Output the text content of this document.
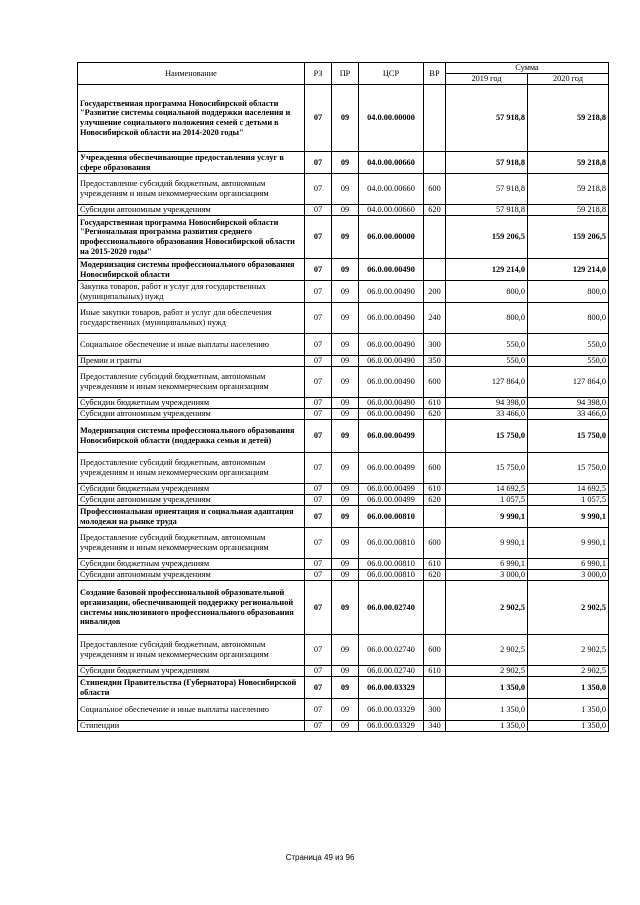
Наименование	РЗ	ПР	ЦСР	ВР	Сумма	
					2019 год	2020 год
Государственная программа Новосибирской области "Развитие системы социальной поддержки населения и улучшение социального положения семей с детьми в Новосибирской области на 2014-2020 годы"	07	09	04.0.00.00000		57 918,8	59 218,8
Учреждения обеспечивающие предоставления услуг в сфере образования	07	09	04.0.00.00660		57 918,8	59 218,8
Предоставление субсидий бюджетным, автономным учреждениям и иным некоммерческим организациям	07	09	04.0.00.00660	600	57 918,8	59 218,8
Субсидии автономным учреждениям	07	09	04.0.00.00660	620	57 918,8	59 218,8
Государственная программа Новосибирской области "Региональная программа развития среднего профессионального образования Новосибирской области на 2015-2020 годы"	07	09	06.0.00.00000		159 206,5	159 206,5
Модернизация системы профессионального образования Новосибирской области	07	09	06.0.00.00490		129 214,0	129 214,0
Закупка товаров, работ и услуг для государственных (муниципальных) нужд	07	09	06.0.00.00490	200	800,0	800,0
Иные закупки товаров, работ и услуг для обеспечения государственных (муниципальных) нужд	07	09	06.0.00.00490	240	800,0	800,0
Социальное обеспечение и иные выплаты населению	07	09	06.0.00.00490	300	550,0	550,0
Премии и гранты	07	09	06.0.00.00490	350	550,0	550,0
Предоставление субсидий бюджетным, автономным учреждениям и иным некоммерческим организациям	07	09	06.0.00.00490	600	127 864,0	127 864,0
Субсидии бюджетным учреждениям	07	09	06.0.00.00490	610	94 398,0	94 398,0
Субсидии автономным учреждениям	07	09	06.0.00.00490	620	33 466,0	33 466,0
Модернизация системы профессионального образования Новосибирской области (поддержка семьи и детей)	07	09	06.0.00.00499		15 750,0	15 750,0
Предоставление субсидий бюджетным, автономным учреждениям и иным некоммерческим организациям	07	09	06.0.00.00499	600	15 750,0	15 750,0
Субсидии бюджетным учреждениям	07	09	06.0.00.00499	610	14 692,5	14 692,5
Субсидии автономным учреждениям	07	09	06.0.00.00499	620	1 057,5	1 057,5
Профессиональная ориентация и социальная адаптация молодежи на рынке труда	07	09	06.0.00.00810		9 990,1	9 990,1
Предоставление субсидий бюджетным, автономным учреждениям и иным некоммерческим организациям	07	09	06.0.00.00810	600	9 990,1	9 990,1
Субсидии бюджетным учреждениям	07	09	06.0.00.00810	610	6 990,1	6 990,1
Субсидии автономным учреждениям	07	09	06.0.00.00810	620	3 000,0	3 000,0
Создание базовой профессиональной образовательной организации, обеспечивающей поддержку региональной системы инклюзивного профессионального образования инвалидов	07	09	06.0.00.02740		2 902,5	2 902,5
Предоставление субсидий бюджетным, автономным учреждениям и иным некоммерческим организациям	07	09	06.0.00.02740	600	2 902,5	2 902,5
Субсидии бюджетным учреждениям	07	09	06.0.00.02740	610	2 902,5	2 902,5
Стипендии Правительства (Губернатора) Новосибирской области	07	09	06.0.00.03329		1 350,0	1 350,0
Социальное обеспечение и иные выплаты населению	07	09	06.0.00.03329	300	1 350,0	1 350,0
Стипендии	07	09	06.0.00.03329	340	1 350,0	1 350,0
Страница 49 из 96
